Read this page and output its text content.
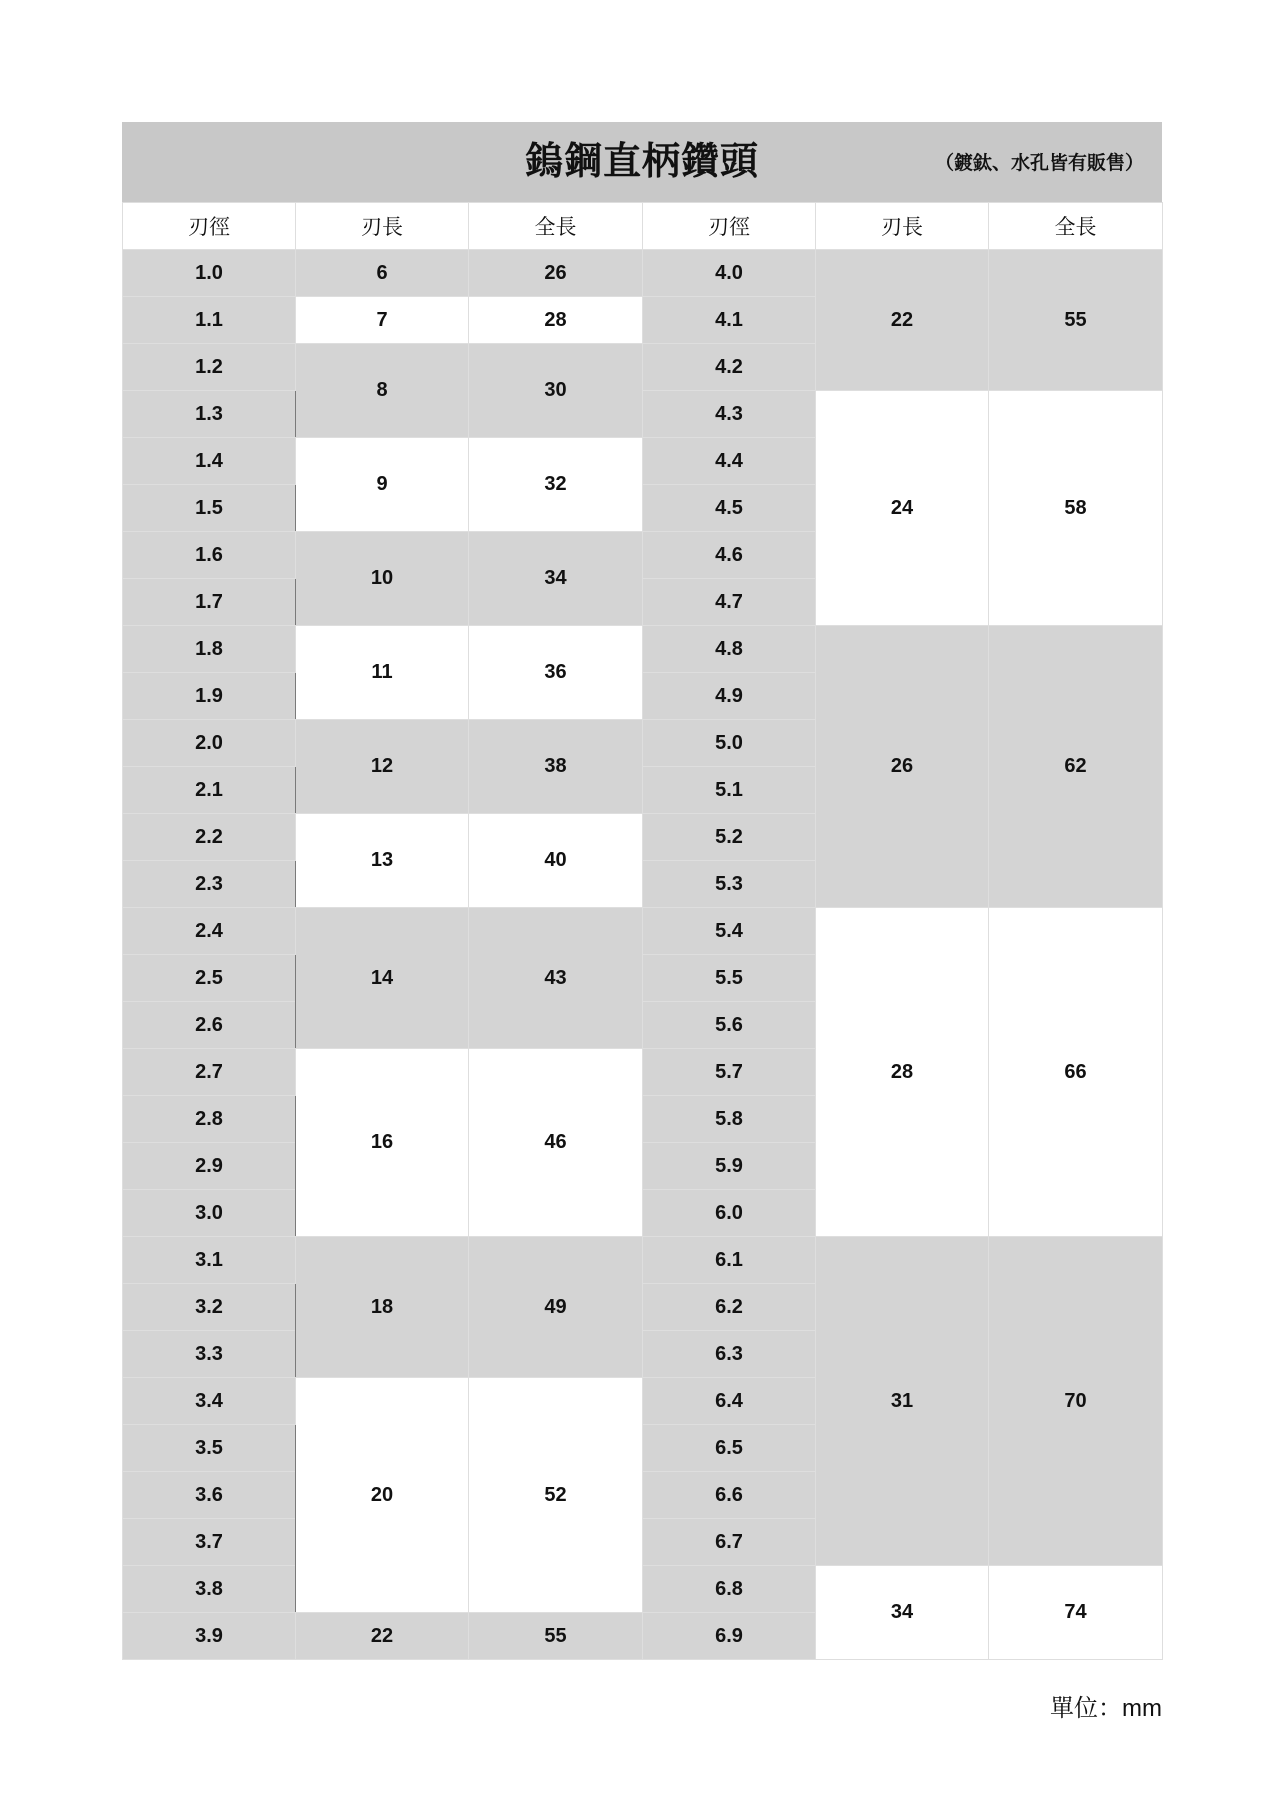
鎢鋼直柄鑽頭	（鍍鈦、水孔皆有販售）
刃徑	刃長	全長	刃徑	刃長	全長
1.0	6	26	4.0	22	55
1.1	7	28	4.1		
1.2	8	30	4.2		
1.3			4.3	24	58
1.4	9	32	4.4		
1.5			4.5		
1.6	10	34	4.6		
1.7			4.7		
1.8	11	36	4.8	26	62
1.9			4.9		
2.0	12	38	5.0		
2.1			5.1		
2.2	13	40	5.2		
2.3			5.3		
2.4	14	43	5.4	28	66
2.5			5.5		
2.6			5.6		
2.7	16	46	5.7		
2.8			5.8		
2.9			5.9		
3.0			6.0		
3.1	18	49	6.1	31	70
3.2			6.2		
3.3			6.3		
3.4	20	52	6.4		
3.5			6.5		
3.6			6.6		
3.7			6.7		
3.8			6.8	34	74
3.9	22	55	6.9		
單位：mm
